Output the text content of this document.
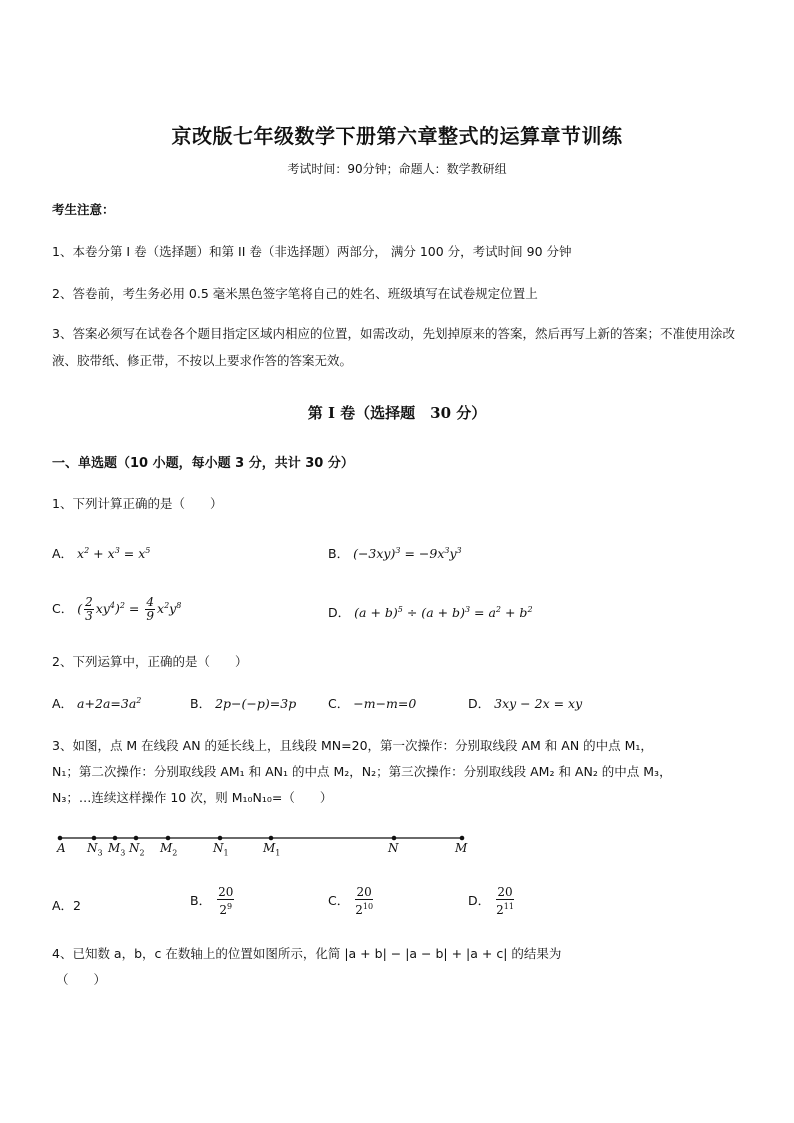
京改版七年级数学下册第六章整式的运算章节训练
考试时间：90分钟；命题人：数学教研组
考生注意：
1、本卷分第 I 卷（选择题）和第 II 卷（非选择题）两部分， 满分 100 分，考试时间 90 分钟
2、答卷前，考生务必用 0.5 毫米黑色签字笔将自己的姓名、班级填写在试卷规定位置上
3、答案必须写在试卷各个题目指定区域内相应的位置，如需改动，先划掉原来的答案，然后再写上新的答案；不准使用涂改液、胶带纸、修正带，不按以上要求作答的答案无效。
第 I 卷（选择题　30 分）
一、单选题（10 小题，每小题 3 分，共计 30 分）
1、下列计算正确的是（　　）
A． $x^2 + x^3 = x^5$	B． $(-3xy)^3 = -9x^3y^3$
C． ( $\frac{2}{3} xy^4)^2 = \frac{4}{9} x^2y^8$	D． $(a + b)^5 \div (a + b)^3 = a^2 + b^2$
2、下列运算中，正确的是（　　）
A． $a+2a=3a^2$	B． 2p−(−p)=3p	C． −m−m=0	D． 3xy − 2x = xy
3、如图，点 M 在线段 AN 的延长线上，且线段 MN=20，第一次操作：分别取线段 AM 和 AN 的中点 M₁，
N₁；第二次操作：分别取线段 AM₁ 和 AN₁ 的中点 M₂，N₂；第三次操作：分别取线段 AM₂ 和 AN₂ 的中点 M₃，
N₃；…连续这样操作 10 次，则 M₁₀N₁₀=（　　）
A $N_3$ $M_3$ $N_2$ $M_2$	$N_1$	$M_1$	N	M
A．2	B． $\frac{20}{2^9}$	C． $\frac{20}{2^{10}}$	D． $\frac{20}{2^{11}}$
4、已知数 a，b，c 在数轴上的位置如图所示，化简 |a + b| − |a − b| + |a + c| 的结果为
（　　）
